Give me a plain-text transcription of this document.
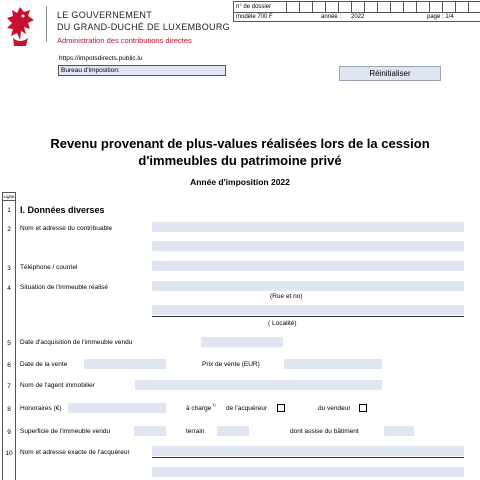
LE GOUVERNEMENT
DU GRAND-DUCHÉ DE LUXEMBOURG
Administration des contributions directes
n° de dossier
modèle 700 F	année : 2022	page : 1/4
https://impotsdirects.public.lu
Bureau d'imposition:	Réinitialiser
Revenu provenant de plus-values réalisées lors de la cession
d'immeubles du patrimoine privé
Année d'imposition 2022
Ligne
1	I. Données diverses
2	Nom et adresse du contribuable
3	Téléphone / courriel
4	Situation de l'immeuble réalisé
(Rue et no)
( Localité)
5	Date d'acquisition de l'immeuble vendu
6	Date de la vente	Prix de vente (EUR)
7	Nom de l'agent immobilier
8	Honoraires (€)	à charge
1)
de l'acquéreur	du vendeur
9	Superficie de l'immeuble vendu	terrain	dont assise du bâtiment
10	Nom et adresse exacte de l'acquéreur
